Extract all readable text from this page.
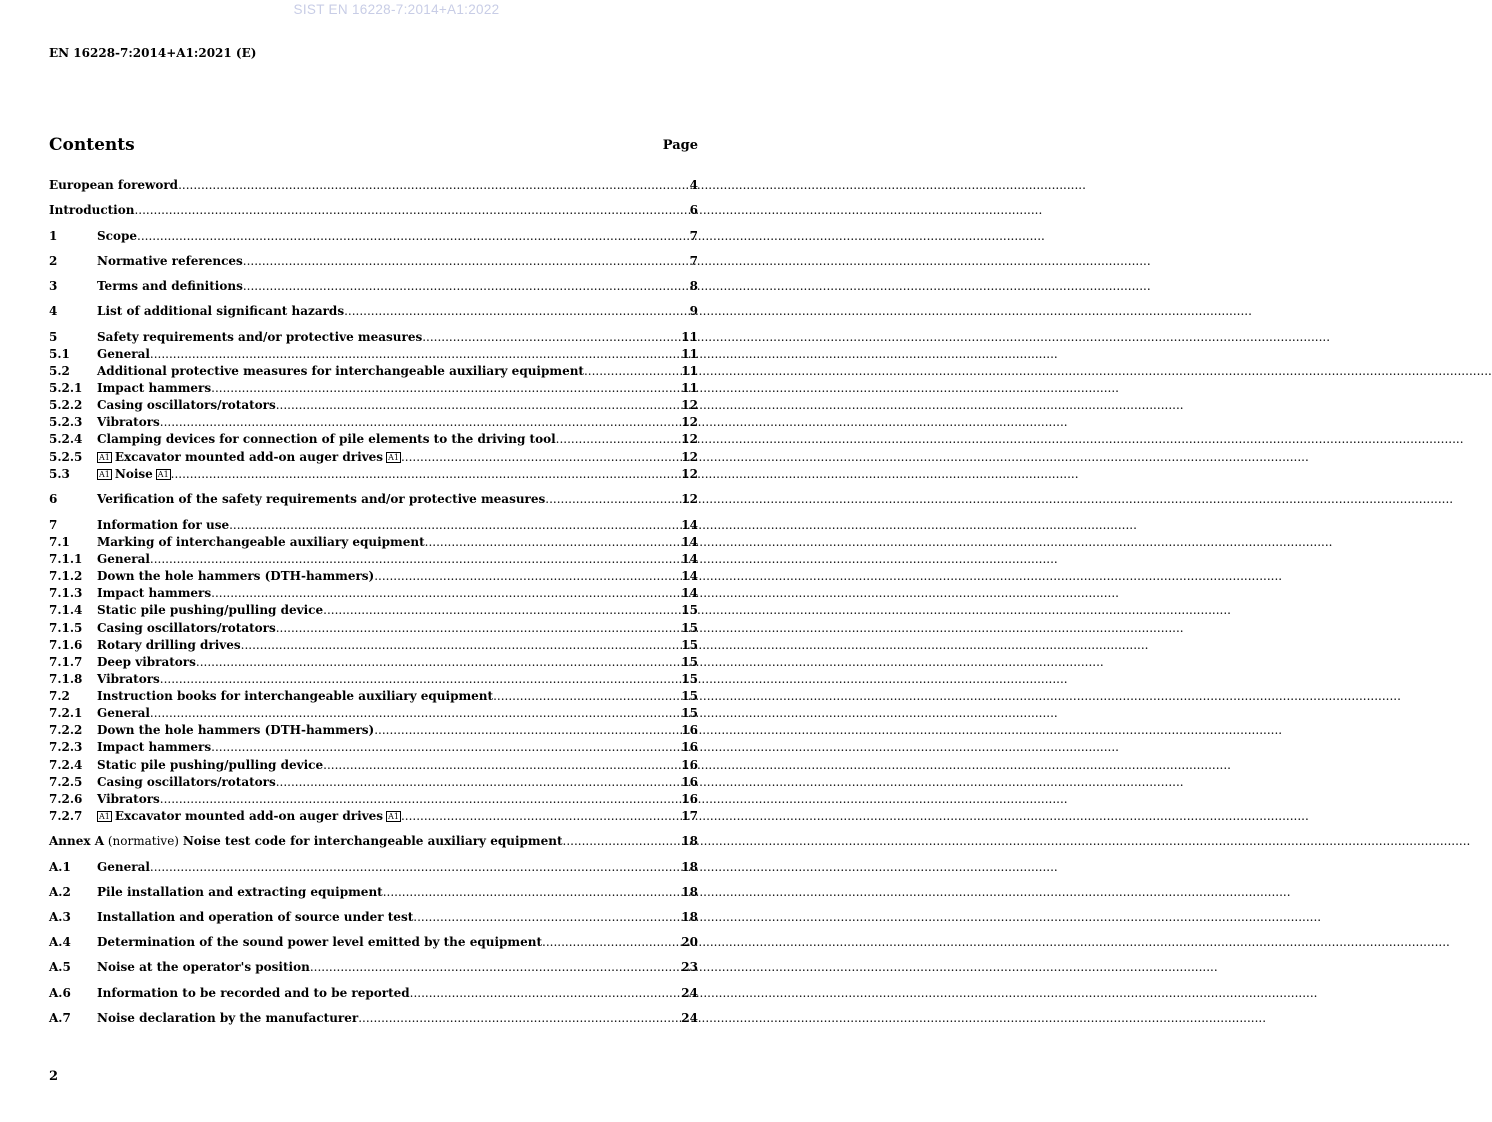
SIST EN 16228-7:2014+A1:2022
EN 16228-7:2014+A1:2021 (E)
Contents	Page
European foreword .....	4
Introduction .....	6
1	Scope .....	7
2	Normative references .....	7
3	Terms and definitions .....	8
4	List of additional significant hazards .....	9
5	Safety requirements and/or protective measures .....	11
5.1	General .....	11
5.2	Additional protective measures for interchangeable auxiliary equipment .....	11
5.2.1	Impact hammers .....	11
5.2.2	Casing oscillators/rotators .....	12
5.2.3	Vibrators .....	12
5.2.4	Clamping devices for connection of pile elements to the driving tool .....	12
5.2.5	A1 Excavator mounted add-on auger drives A1 .....	12
5.3	A1 Noise A1 .....	12
6	Verification of the safety requirements and/or protective measures .....	12
7	Information for use .....	14
7.1	Marking of interchangeable auxiliary equipment .....	14
7.1.1	General .....	14
7.1.2	Down the hole hammers (DTH-hammers) .....	14
7.1.3	Impact hammers .....	14
7.1.4	Static pile pushing/pulling device .....	15
7.1.5	Casing oscillators/rotators .....	15
7.1.6	Rotary drilling drives .....	15
7.1.7	Deep vibrators .....	15
7.1.8	Vibrators .....	15
7.2	Instruction books for interchangeable auxiliary equipment .....	15
7.2.1	General .....	15
7.2.2	Down the hole hammers (DTH-hammers) .....	16
7.2.3	Impact hammers .....	16
7.2.4	Static pile pushing/pulling device .....	16
7.2.5	Casing oscillators/rotators .....	16
7.2.6	Vibrators .....	16
7.2.7	A1 Excavator mounted add-on auger drives A1 .....	17
Annex A (normative) Noise test code for interchangeable auxiliary equipment .....	18
A.1	General .....	18
A.2	Pile installation and extracting equipment .....	18
A.3	Installation and operation of source under test .....	18
A.4	Determination of the sound power level emitted by the equipment .....	20
A.5	Noise at the operator's position .....	23
A.6	Information to be recorded and to be reported .....	24
A.7	Noise declaration by the manufacturer .....	24
2
